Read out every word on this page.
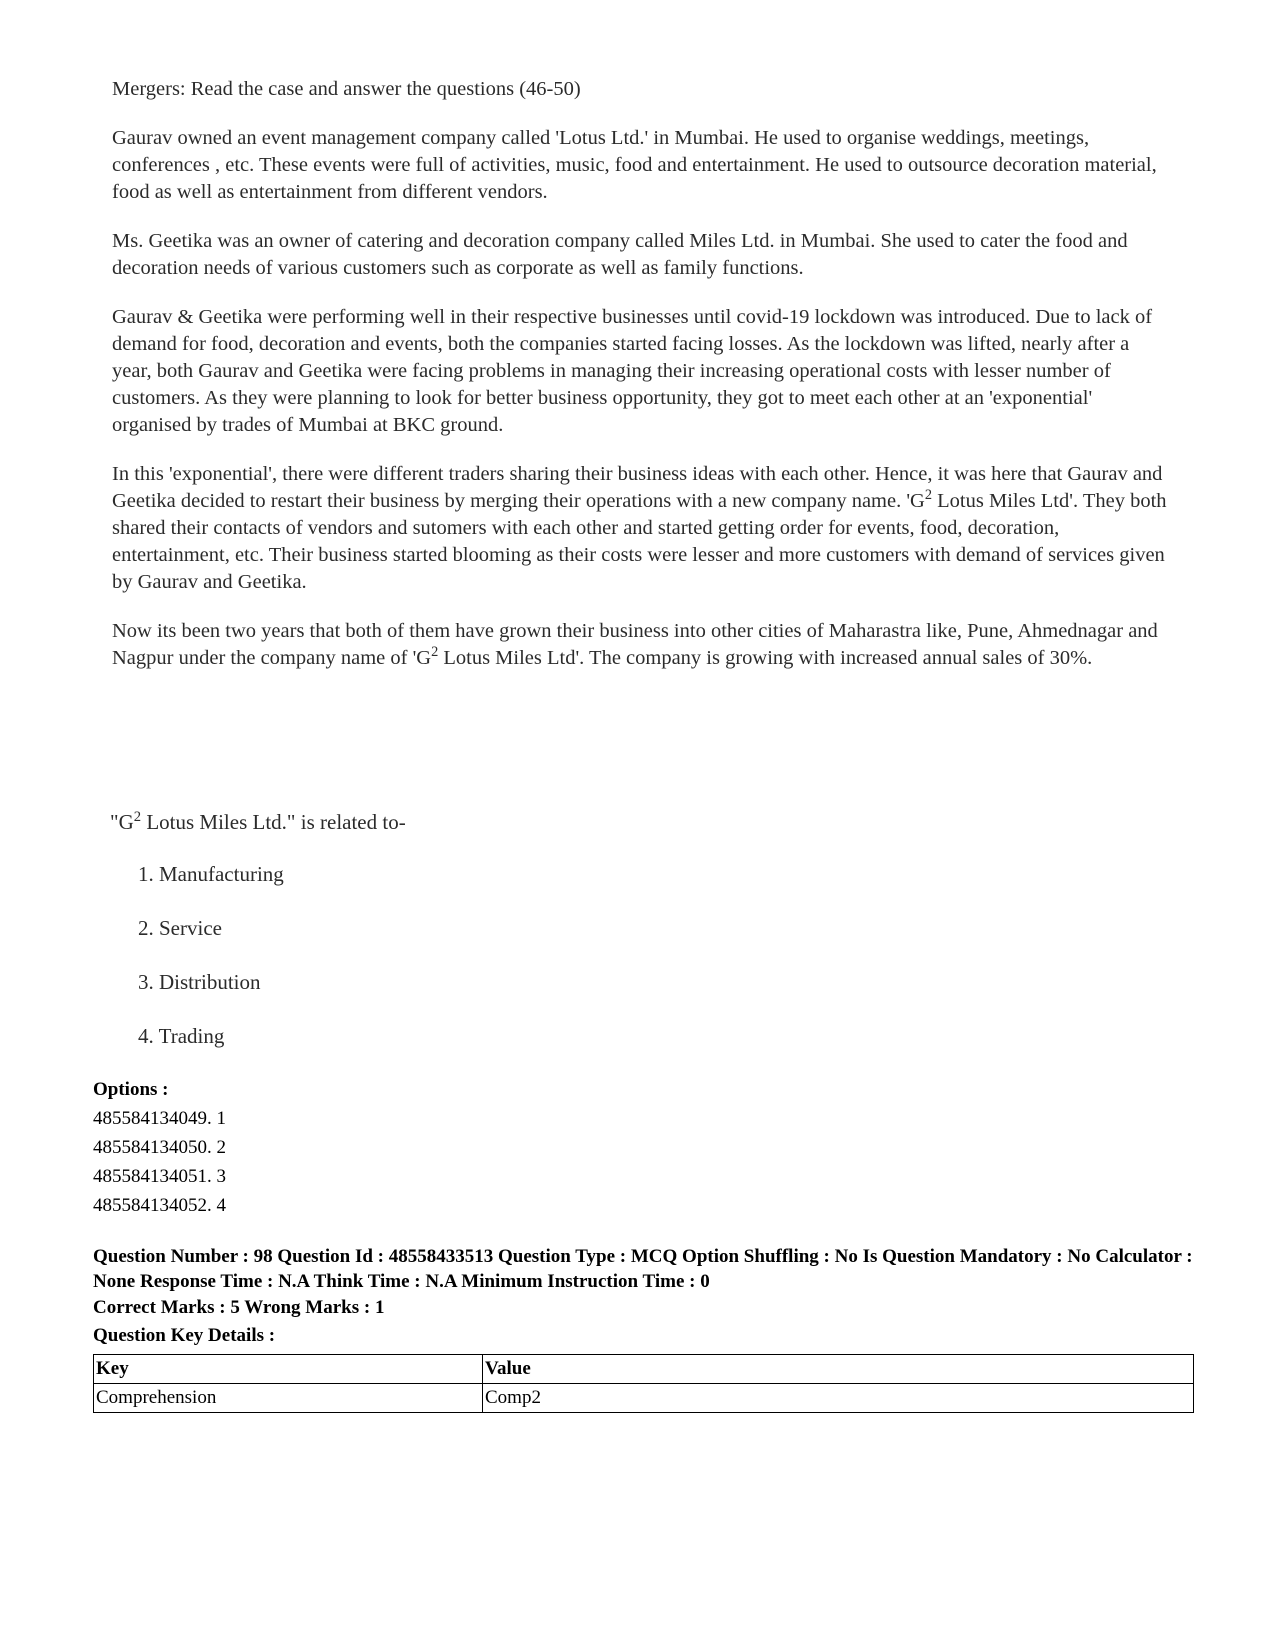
Mergers: Read the case and answer the questions (46-50)

Gaurav owned an event management company called 'Lotus Ltd.' in Mumbai. He used to organise weddings, meetings, conferences , etc. These events were full of activities, music, food and entertainment. He used to outsource decoration material, food as well as entertainment from different vendors.

Ms. Geetika was an owner of catering and decoration company called Miles Ltd. in Mumbai. She used to cater the food and decoration needs of various customers such as corporate as well as family functions.

Gaurav & Geetika were performing well in their respective businesses until covid-19 lockdown was introduced. Due to lack of demand for food, decoration and events, both the companies started facing losses. As the lockdown was lifted, nearly after a year, both Gaurav and Geetika were facing problems in managing their increasing operational costs with lesser number of customers. As they were planning to look for better business opportunity, they got to meet each other at an 'exponential' organised by trades of Mumbai at BKC ground.

In this 'exponential', there were different traders sharing their business ideas with each other. Hence, it was here that Gaurav and Geetika decided to restart their business by merging their operations with a new company name. '$G^2$ Lotus Miles Ltd'. They both shared their contacts of vendors and sutomers with each other and started getting order for events, food, decoration, entertainment, etc. Their business started blooming as their costs were lesser and more customers with demand of services given by Gaurav and Geetika.

Now its been two years that both of them have grown their business into other cities of Maharastra like, Pune, Ahmednagar and Nagpur under the company name of '$G^2$ Lotus Miles Ltd'. The company is growing with increased annual sales of 30%.

"$G^2$ Lotus Miles Ltd." is related to-
1. Manufacturing
2. Service
3. Distribution
4. Trading
Options :
485584134049. 1
485584134050. 2
485584134051. 3
485584134052. 4
Question Number : 98 Question Id : 48558433513 Question Type : MCQ Option Shuffling : No Is Question Mandatory : No Calculator : None Response Time : N.A Think Time : N.A Minimum Instruction Time : 0
Correct Marks : 5 Wrong Marks : 1
Question Key Details :
Key	Value
Comprehension	Comp2
